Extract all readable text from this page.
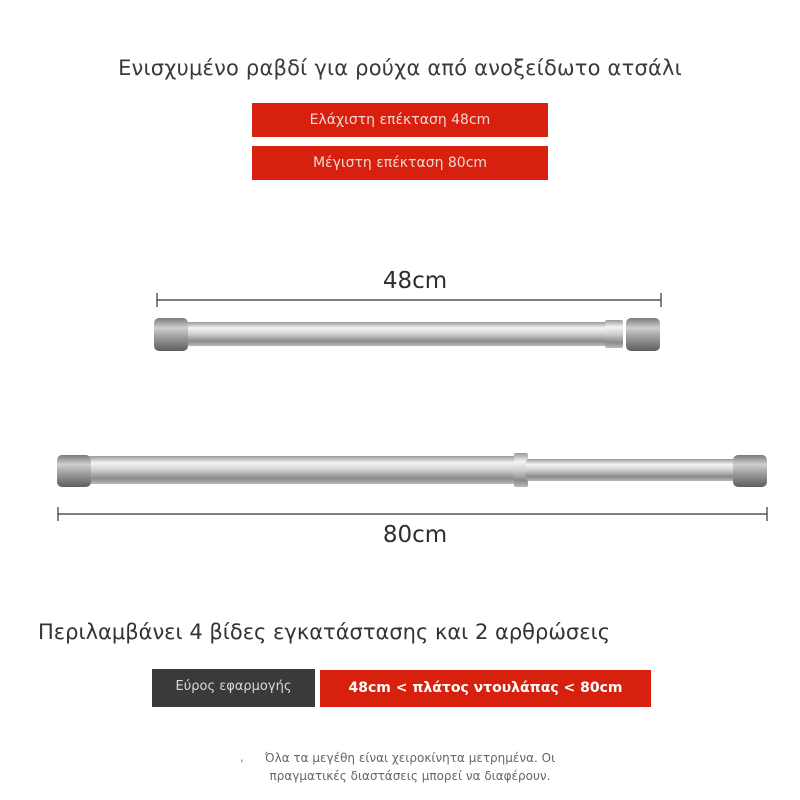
Ενισχυμένο ραβδί για ρούχα από ανοξείδωτο ατσάλι
Ελάχιστη επέκταση 48cm
Μέγιστη επέκταση 80cm
48cm
80cm
Περιλαμβάνει 4 βίδες εγκατάστασης και 2 αρθρώσεις
Εύρος εφαρμογής	48cm < πλάτος ντουλάπας < 80cm
,	Όλα τα μεγέθη είναι χειροκίνητα μετρημένα. Οι πραγματικές διαστάσεις μπορεί να διαφέρουν.
